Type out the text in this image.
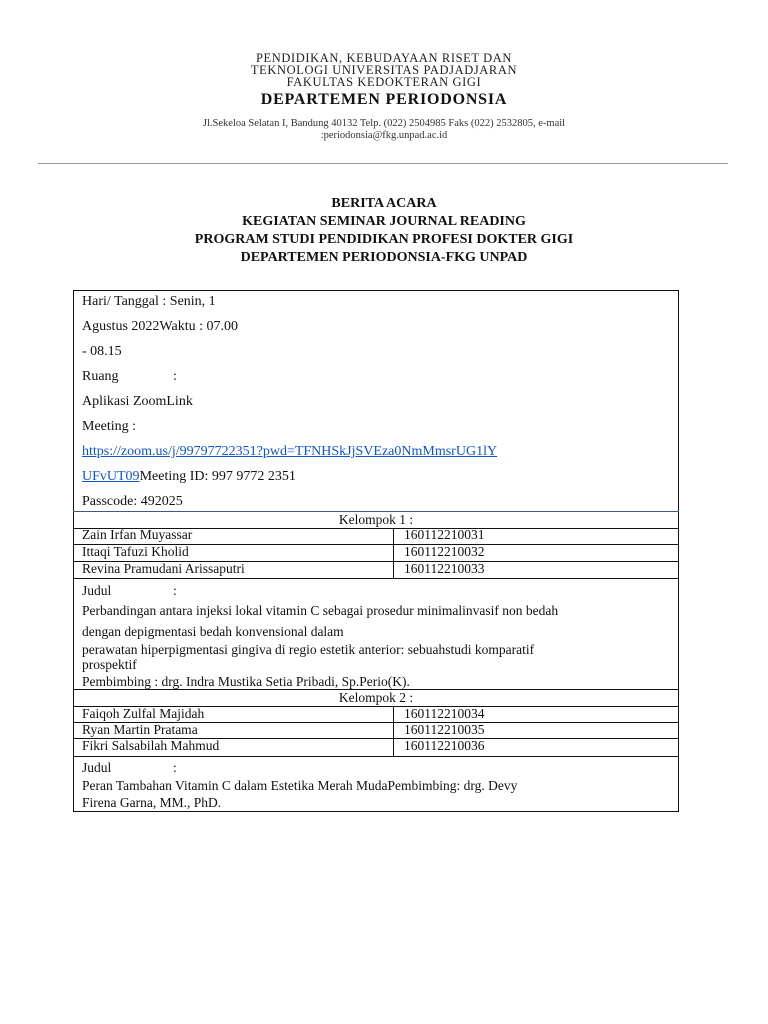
PENDIDIKAN, KEBUDAYAAN RISET DAN
TEKNOLOGI UNIVERSITAS PADJADJARAN
FAKULTAS KEDOKTERAN GIGI
DEPARTEMEN PERIODONSIA
Jl.Sekeloa Selatan I, Bandung 40132 Telp. (022) 2504985 Faks (022) 2532805, e-mail
:periodonsia@fkg.unpad.ac.id
BERITA ACARA
KEGIATAN SEMINAR JOURNAL READING
PROGRAM STUDI PENDIDIKAN PROFESI DOKTER GIGI
DEPARTEMEN PERIODONSIA-FKG UNPAD
Hari/ Tanggal : Senin, 1
Agustus 2022Waktu : 07.00
- 08.15
Ruang	:
Aplikasi ZoomLink
Meeting :
https://zoom.us/j/99797722351?pwd=TFNHSkJjSVEza0NmMmsrUG1lY
UFvUT09Meeting ID: 997 9772 2351
Passcode: 492025
Kelompok 1 :
Zain Irfan Muyassar	160112210031
Ittaqi Tafuzi Kholid	160112210032
Revina Pramudani Arissaputri	160112210033
Judul	:
Perbandingan antara injeksi lokal vitamin C sebagai prosedur minimalinvasif non bedah
dengan depigmentasi bedah konvensional dalam
perawatan hiperpigmentasi gingiva di regio estetik anterior: sebuahstudi komparatif
prospektif
Pembimbing : drg. Indra Mustika Setia Pribadi, Sp.Perio(K).
Kelompok 2 :
Faiqoh Zulfal Majidah	160112210034
Ryan Martin Pratama	160112210035
Fikri Salsabilah Mahmud	160112210036
Judul	:
Peran Tambahan Vitamin C dalam Estetika Merah MudaPembimbing: drg. Devy
Firena Garna, MM., PhD.
